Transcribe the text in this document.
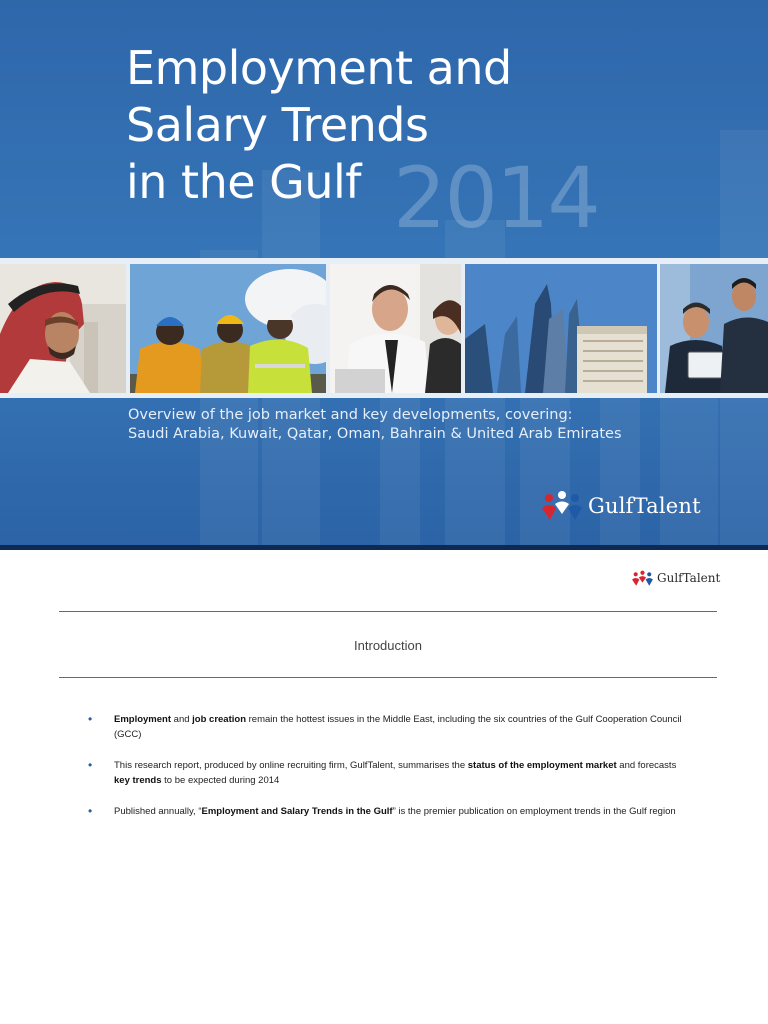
Employment and
Salary Trends
in the Gulf 2014
Overview of the job market and key developments, covering:
Saudi Arabia, Kuwait, Qatar, Oman, Bahrain & United Arab Emirates
GulfTalent
GulfTalent
Introduction
• Employment and job creation remain the hottest issues in the Middle East, including the six countries of the Gulf Cooperation Council (GCC)
• This research report, produced by online recruiting firm, GulfTalent, summarises the status of the employment market and forecasts key trends to be expected during 2014
• Published annually, “Employment and Salary Trends in the Gulf” is the premier publication on employment trends in the Gulf region
